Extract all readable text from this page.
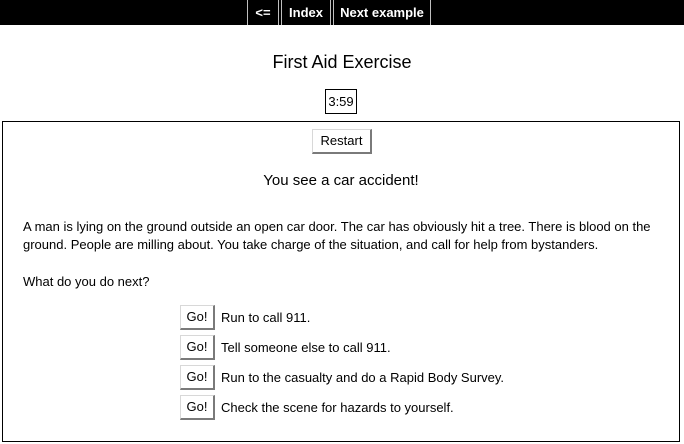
<=	Index	Next example
First Aid Exercise
3:59
Restart
You see a car accident!
A man is lying on the ground outside an open car door. The car has obviously hit a tree. There is blood on the ground. People are milling about. You take charge of the situation, and call for help from bystanders.
What do you do next?
Go!	Run to call 911.
Go!	Tell someone else to call 911.
Go!	Run to the casualty and do a Rapid Body Survey.
Go!	Check the scene for hazards to yourself.
